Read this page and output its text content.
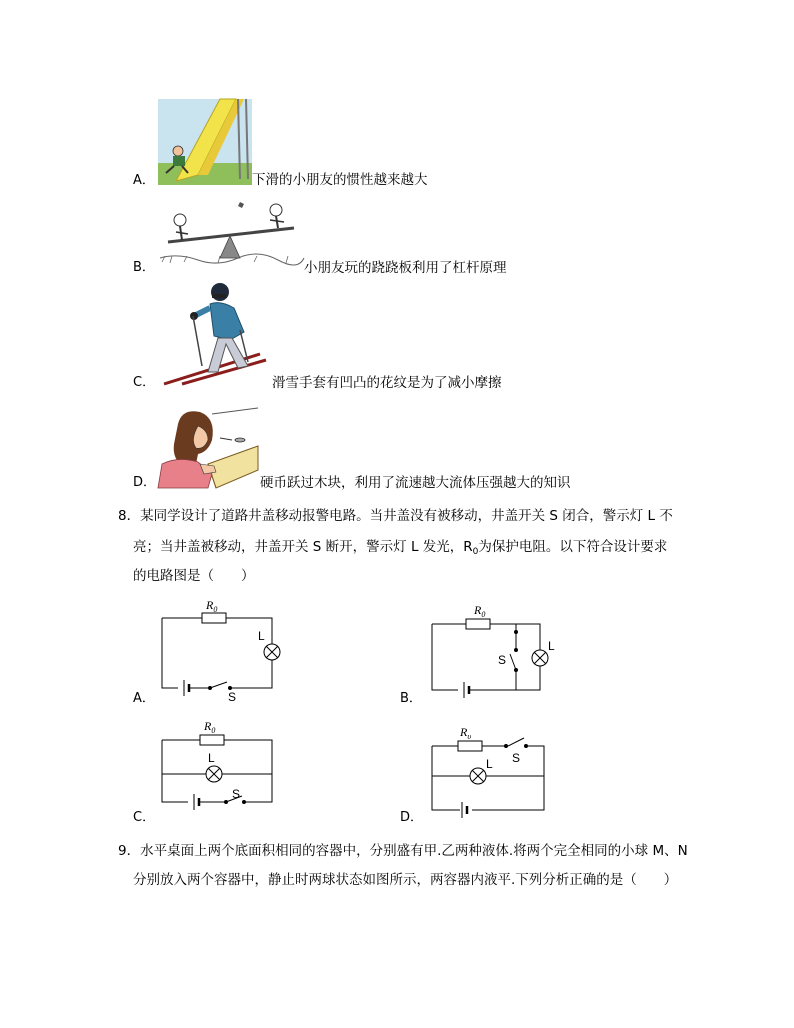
A．	下滑的小朋友的惯性越来越大
B．	小朋友玩的跷跷板利用了杠杆原理
C．	滑雪手套有凹凸的花纹是为了减小摩擦
D．	硬币跃过木块，利用了流速越大流体压强越大的知识
8．某同学设计了道路井盖移动报警电路。当井盖没有被移动，井盖开关 S 闭合，警示灯 L 不
亮；当井盖被移动，井盖开关 S 断开，警示灯 L 发光，$R_0$为保护电阻。以下符合设计要求
的电路图是（　　）
$R_0$
L
S
A．
$R_0$
L
S
B．
$R_0$
L
S
C．
$R_\upsilon$
L S
D．
9．水平桌面上两个底面积相同的容器中，分别盛有甲.乙两种液体.将两个完全相同的小球 M、N
分别放入两个容器中，静止时两球状态如图所示，两容器内液平.下列分析正确的是（　　）
